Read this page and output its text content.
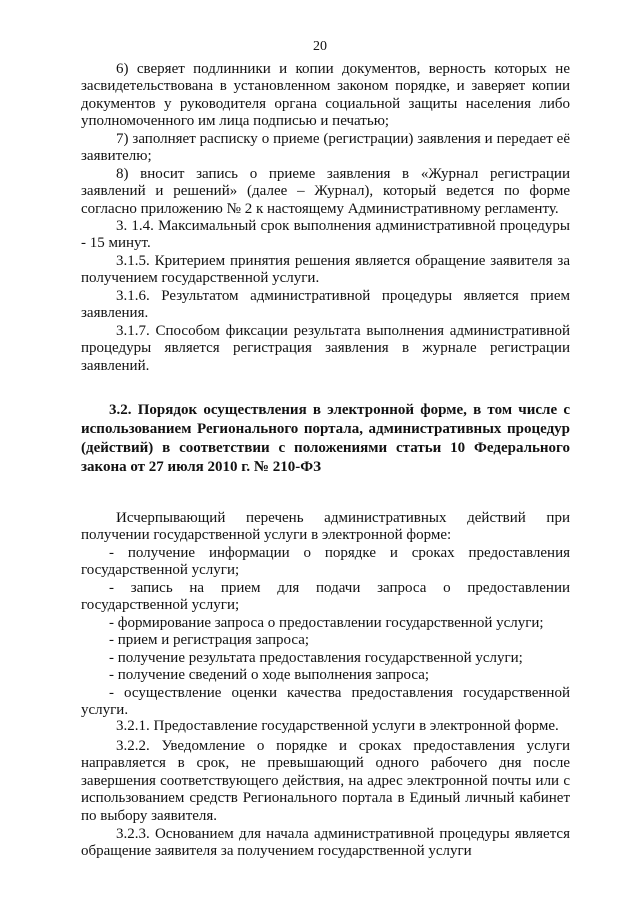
20

6) сверяет подлинники и копии документов, верность которых не засвидетельствована в установленном законом порядке, и заверяет копии документов у руководителя органа социальной защиты населения либо уполномоченного им лица подписью и печатью;

7) заполняет расписку о приеме (регистрации) заявления и передает её заявителю;

8) вносит запись о приеме заявления в «Журнал регистрации заявлений и решений» (далее – Журнал), который ведется по форме согласно приложению № 2 к настоящему Административному регламенту.

3. 1.4. Максимальный срок выполнения административной процедуры - 15 минут.

3.1.5. Критерием принятия решения является обращение заявителя за получением государственной услуги.

3.1.6. Результатом административной процедуры является прием заявления.

3.1.7. Способом фиксации результата выполнения административной процедуры является регистрация заявления в журнале регистрации заявлений.

3.2. Порядок осуществления в электронной форме, в том числе с использованием Регионального портала, административных процедур (действий) в соответствии с положениями статьи 10 Федерального закона от 27 июля 2010 г. № 210-ФЗ

Исчерпывающий перечень административных действий при получении государственной услуги в электронной форме:

- получение информации о порядке и сроках предоставления государственной услуги;

- запись на прием для подачи запроса о предоставлении государственной услуги;

- формирование запроса о предоставлении государственной услуги;

- прием и регистрация запроса;

- получение результата предоставления государственной услуги;

- получение сведений о ходе выполнения запроса;

- осуществление оценки качества предоставления государственной услуги.

3.2.1. Предоставление государственной услуги в электронной форме.

3.2.2. Уведомление о порядке и сроках предоставления услуги направляется в срок, не превышающий одного рабочего дня после завершения соответствующего действия, на адрес электронной почты или с использованием средств Регионального портала в Единый личный кабинет по выбору заявителя.

3.2.3. Основанием для начала административной процедуры является обращение заявителя за получением государственной услуги
